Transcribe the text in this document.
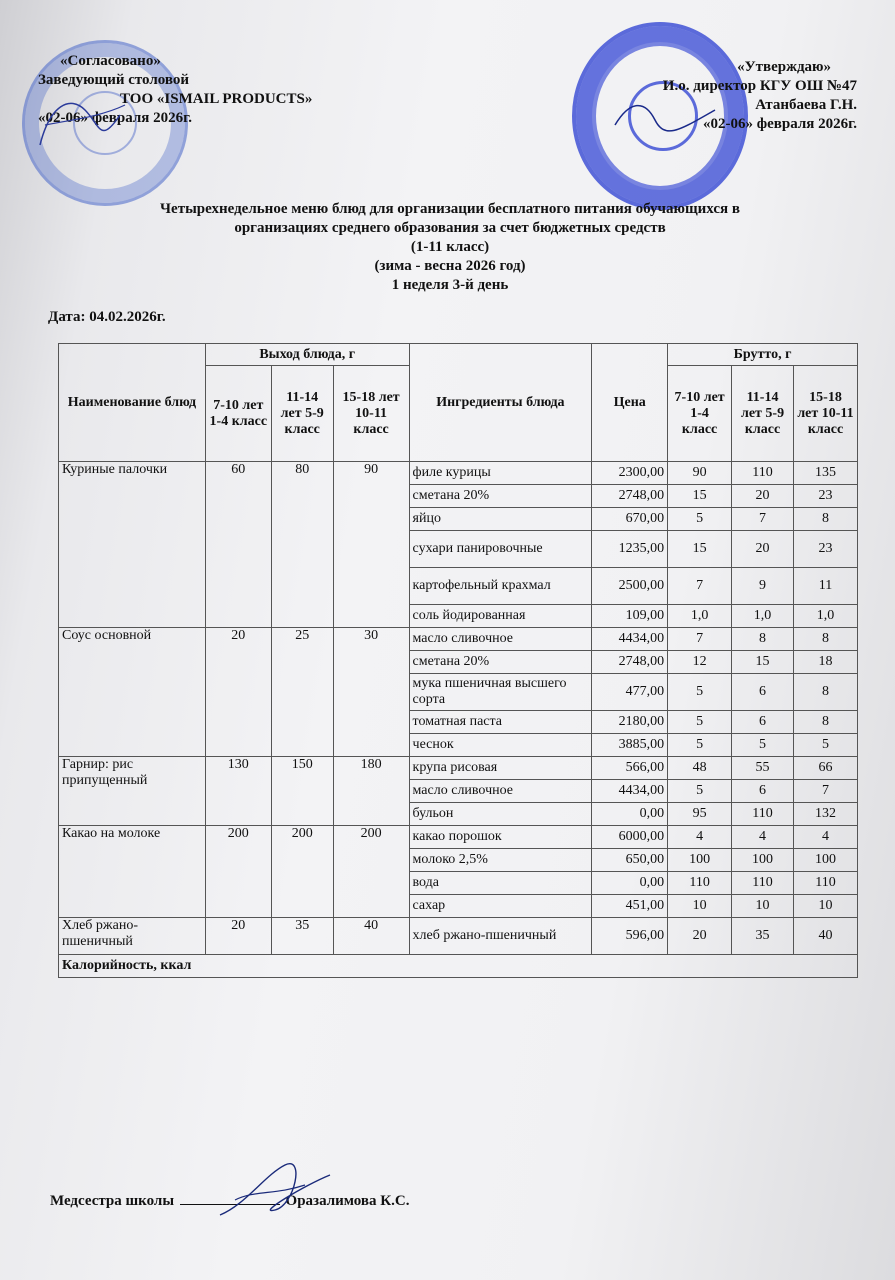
«Согласовано»
Заведующий столовой
ТОО «ISMAIL PRODUCTS»
«02-06» февраля 2026г.
«Утверждаю»
И.о. директор КГУ ОШ №47
Атанбаева Г.Н.
«02-06» февраля 2026г.
Четырехнедельное меню блюд для организации бесплатного питания обучающихся в
организациях среднего образования за счет бюджетных средств
(1-11 класс)
(зима - весна 2026 год)
1 неделя 3-й день
Дата: 04.02.2026г.
Наименование блюд	Выход блюда, г			Ингредиенты блюда	Цена	Брутто, г		
	7-10 лет 1-4 класс	11-14 лет 5-9 класс	15-18 лет 10-11 класс			7-10 лет 1-4 класс	11-14 лет 5-9 класс	15-18 лет 10-11 класс
Куриные палочки	60	80	90	филе курицы	2300,00	90	110	135
				сметана 20%	2748,00	15	20	23
				яйцо	670,00	5	7	8
				сухари панировочные	1235,00	15	20	23
				картофельный крахмал	2500,00	7	9	11
				соль йодированная	109,00	1,0	1,0	1,0
Соус основной	20	25	30	масло сливочное	4434,00	7	8	8
				сметана 20%	2748,00	12	15	18
				мука пшеничная высшего сорта	477,00	5	6	8
				томатная паста	2180,00	5	6	8
				чеснок	3885,00	5	5	5
Гарнир: рис припущенный	130	150	180	крупа рисовая	566,00	48	55	66
				масло сливочное	4434,00	5	6	7
				бульон	0,00	95	110	132
Какао на молоке	200	200	200	какао порошок	6000,00	4	4	4
				молоко 2,5%	650,00	100	100	100
				вода	0,00	110	110	110
				сахар	451,00	10	10	10
Хлеб ржано-пшеничный	20	35	40	хлеб ржано-пшеничный	596,00	20	35	40
Калорийность, ккал								
Медсестра школы	Оразалимова К.С.
